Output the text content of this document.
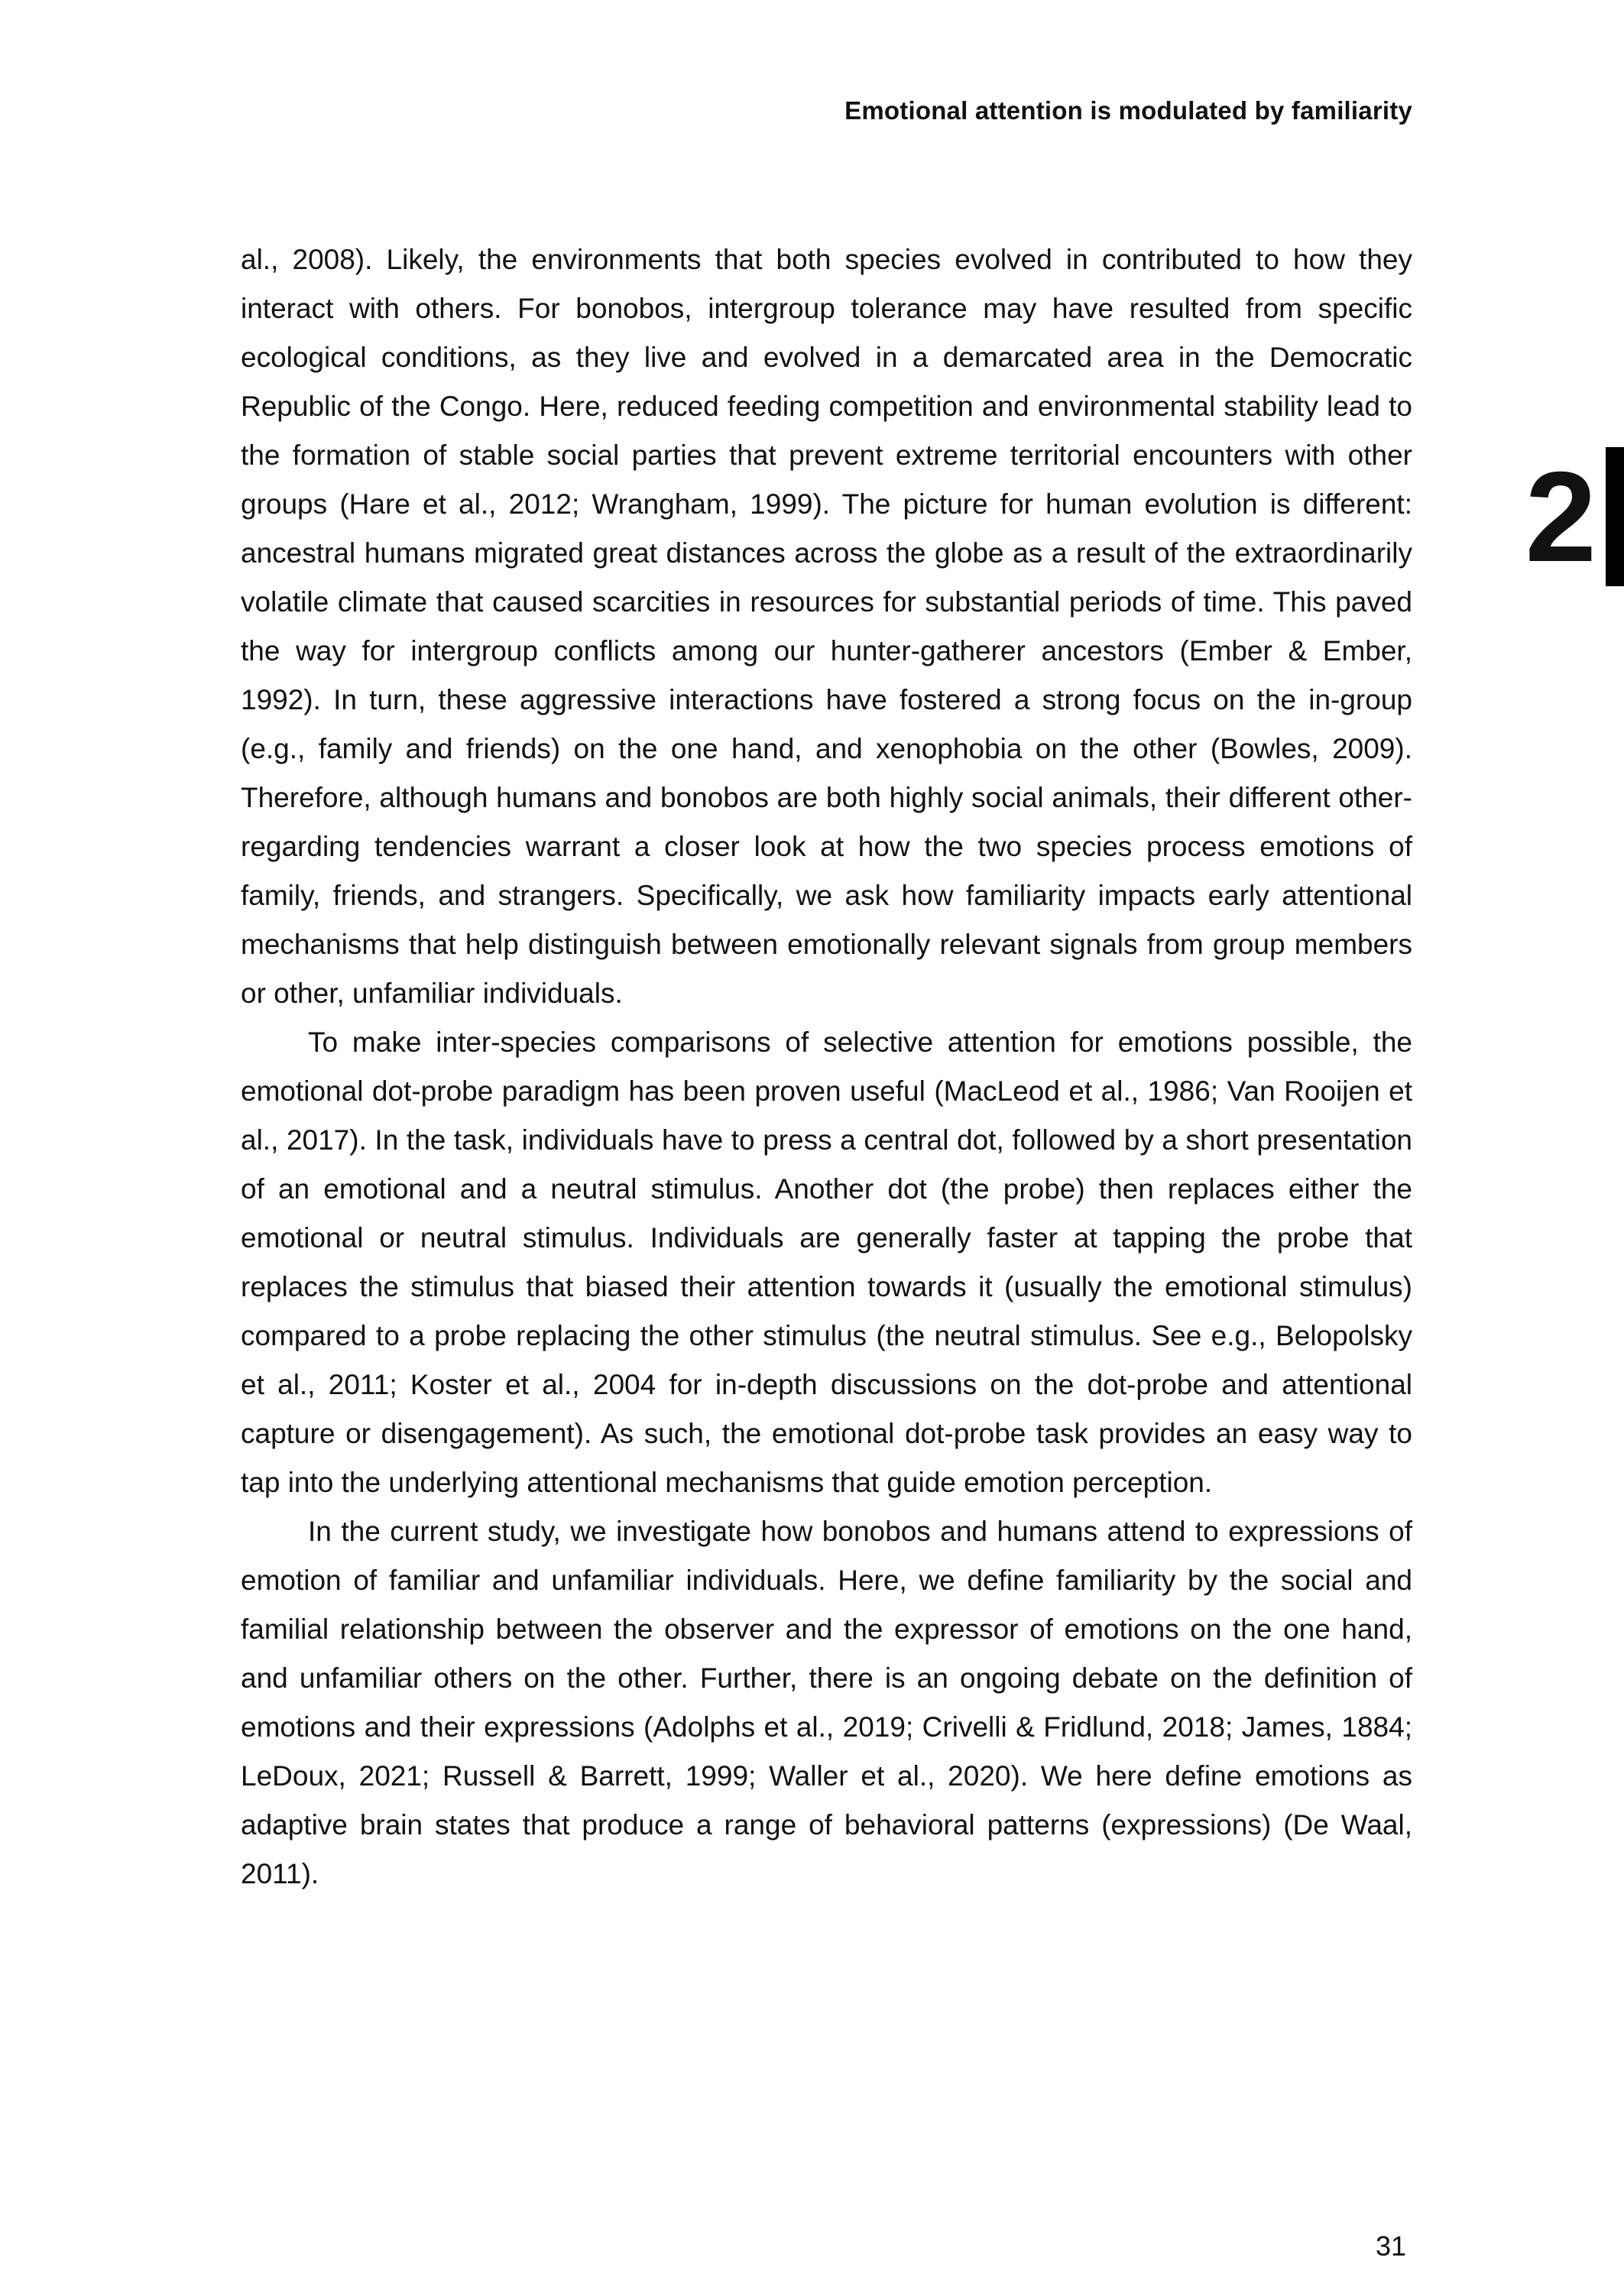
Emotional attention is modulated by familiarity
2

al., 2008). Likely, the environments that both species evolved in contributed to how they interact with others. For bonobos, intergroup tolerance may have resulted from specific ecological conditions, as they live and evolved in a demarcated area in the Democratic Republic of the Congo. Here, reduced feeding competition and environmental stability lead to the formation of stable social parties that prevent extreme territorial encounters with other groups (Hare et al., 2012; Wrangham, 1999). The picture for human evolution is different: ancestral humans migrated great distances across the globe as a result of the extraordinarily volatile climate that caused scarcities in resources for substantial periods of time. This paved the way for intergroup conflicts among our hunter-gatherer ancestors (Ember & Ember, 1992). In turn, these aggressive interactions have fostered a strong focus on the in-group (e.g., family and friends) on the one hand, and xenophobia on the other (Bowles, 2009). Therefore, although humans and bonobos are both highly social animals, their different other-regarding tendencies warrant a closer look at how the two species process emotions of family, friends, and strangers. Specifically, we ask how familiarity impacts early attentional mechanisms that help distinguish between emotionally relevant signals from group members or other, unfamiliar individuals.

To make inter-species comparisons of selective attention for emotions possible, the emotional dot-probe paradigm has been proven useful (MacLeod et al., 1986; Van Rooijen et al., 2017). In the task, individuals have to press a central dot, followed by a short presentation of an emotional and a neutral stimulus. Another dot (the probe) then replaces either the emotional or neutral stimulus. Individuals are generally faster at tapping the probe that replaces the stimulus that biased their attention towards it (usually the emotional stimulus) compared to a probe replacing the other stimulus (the neutral stimulus. See e.g., Belopolsky et al., 2011; Koster et al., 2004 for in-depth discussions on the dot-probe and attentional capture or disengagement). As such, the emotional dot-probe task provides an easy way to tap into the underlying attentional mechanisms that guide emotion perception.

In the current study, we investigate how bonobos and humans attend to expressions of emotion of familiar and unfamiliar individuals. Here, we define familiarity by the social and familial relationship between the observer and the expressor of emotions on the one hand, and unfamiliar others on the other. Further, there is an ongoing debate on the definition of emotions and their expressions (Adolphs et al., 2019; Crivelli & Fridlund, 2018; James, 1884; LeDoux, 2021; Russell & Barrett, 1999; Waller et al., 2020). We here define emotions as adaptive brain states that produce a range of behavioral patterns (expressions) (De Waal, 2011).

31
